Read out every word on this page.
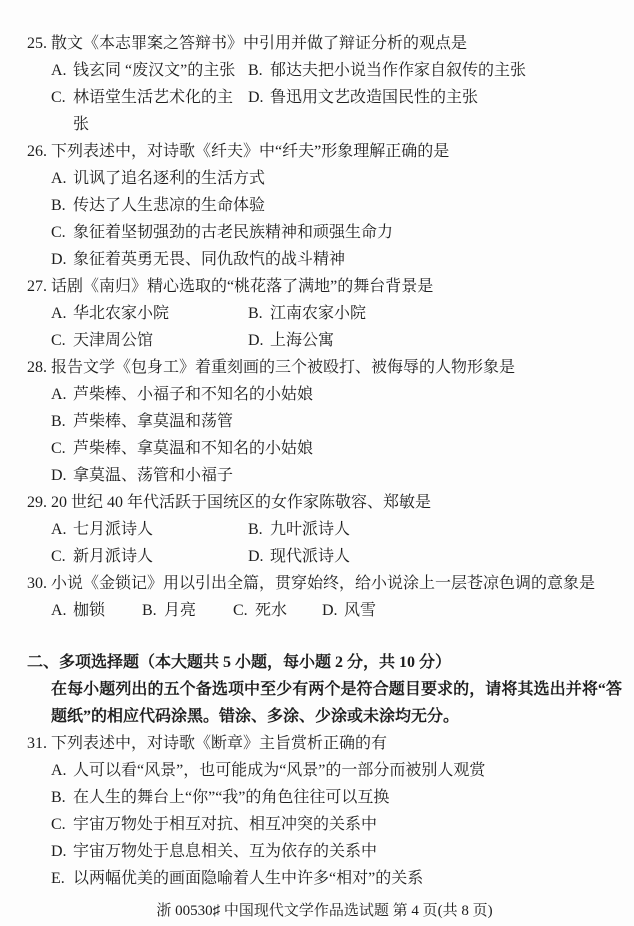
25. 散文《本志罪案之答辩书》中引用并做了辩证分析的观点是
A. 钱玄同 “废汉文”的主张 B. 郁达夫把小说当作作家自叙传的主张
C. 林语堂生活艺术化的主张
D. 鲁迅用文艺改造国民性的主张
26. 下列表述中，对诗歌《纤夫》中“纤夫”形象理解正确的是
A. 讥讽了追名逐利的生活方式
B. 传达了人生悲凉的生命体验
C. 象征着坚韧强劲的古老民族精神和顽强生命力
D. 象征着英勇无畏、同仇敌忾的战斗精神
27. 话剧《南归》精心选取的“桃花落了满地”的舞台背景是
A. 华北农家小院	B. 江南农家小院
C. 天津周公馆	D. 上海公寓
28. 报告文学《包身工》着重刻画的三个被殴打、被侮辱的人物形象是
A. 芦柴棒、小福子和不知名的小姑娘
B. 芦柴棒、拿莫温和荡管
C. 芦柴棒、拿莫温和不知名的小姑娘
D. 拿莫温、荡管和小福子
29. 20 世纪 40 年代活跃于国统区的女作家陈敬容、郑敏是
A. 七月派诗人	B. 九叶派诗人
C. 新月派诗人	D. 现代派诗人
30. 小说《金锁记》用以引出全篇，贯穿始终，给小说涂上一层苍凉色调的意象是
A. 枷锁	B. 月亮	C. 死水	D. 风雪
二、多项选择题（本大题共 5 小题，每小题 2 分，共 10 分）
在每小题列出的五个备选项中至少有两个是符合题目要求的，请将其选出并将“答题纸”的相应代码涂黑。错涂、多涂、少涂或未涂均无分。
31. 下列表述中，对诗歌《断章》主旨赏析正确的有
A. 人可以看“风景”，也可能成为“风景”的一部分而被别人观赏
B. 在人生的舞台上“你”“我”的角色往往可以互换
C. 宇宙万物处于相互对抗、相互冲突的关系中
D. 宇宙万物处于息息相关、互为依存的关系中
E. 以两幅优美的画面隐喻着人生中许多“相对”的关系
浙 00530♯ 中国现代文学作品选试题 第 4 页(共 8 页)
